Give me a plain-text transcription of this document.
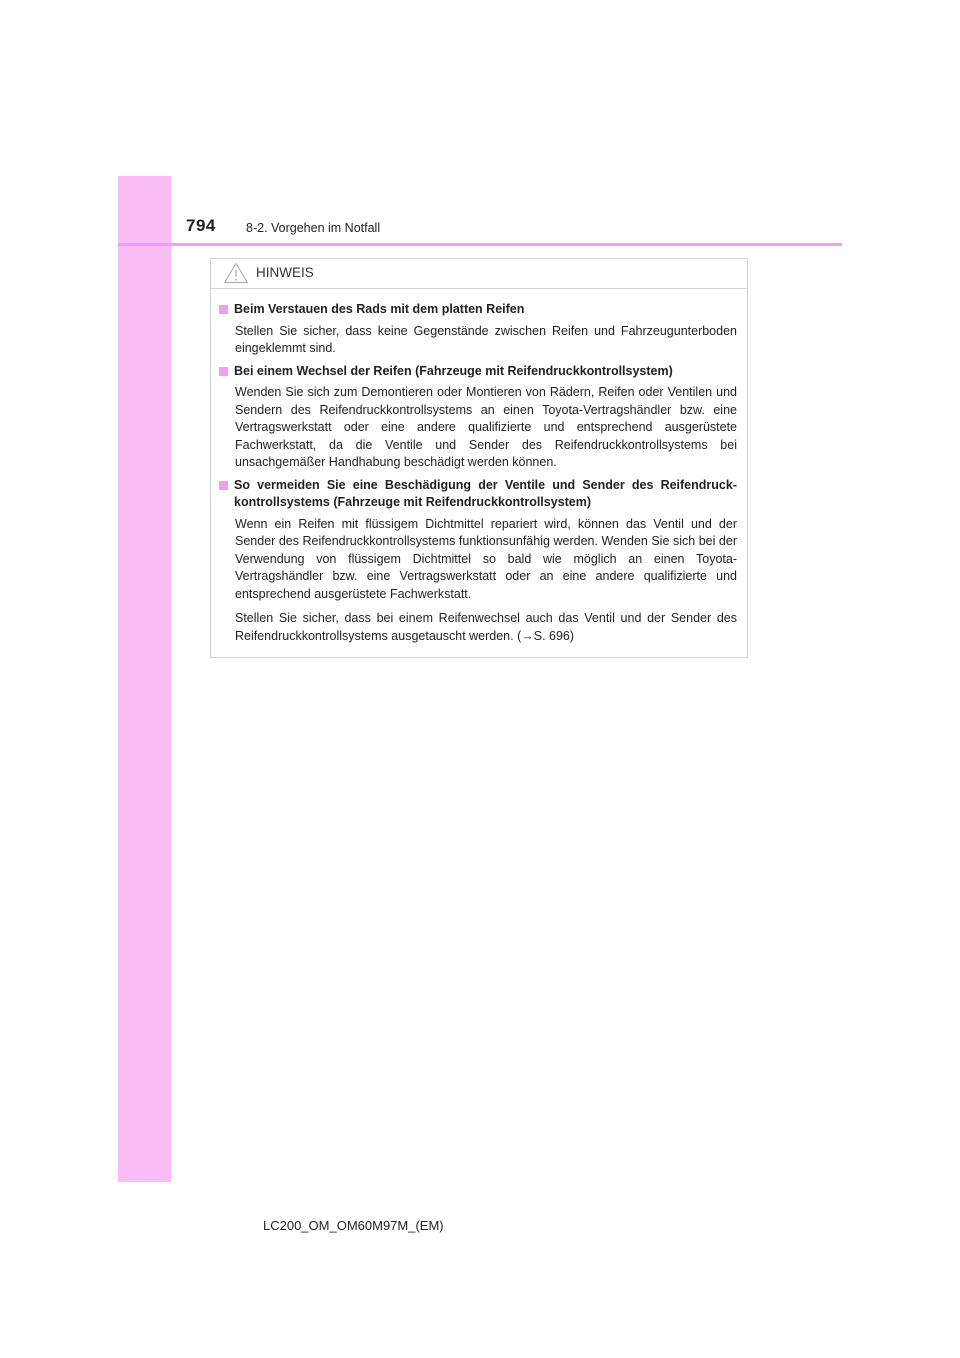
794 8-2. Vorgehen im Notfall
HINWEIS
Beim Verstauen des Rads mit dem platten Reifen
Stellen Sie sicher, dass keine Gegenstände zwischen Reifen und Fahrzeugunterboden eingeklemmt sind.
Bei einem Wechsel der Reifen (Fahrzeuge mit Reifendruckkontrollsystem)
Wenden Sie sich zum Demontieren oder Montieren von Rädern, Reifen oder Ventilen und Sendern des Reifendruckkontrollsystems an einen Toyota-Vertragshändler bzw. eine Vertragswerkstatt oder eine andere qualifizierte und entsprechend ausgerüstete Fachwerkstatt, da die Ventile und Sender des Reifendruckkontrollsystems bei unsachgemäßer Handhabung beschädigt werden können.
So vermeiden Sie eine Beschädigung der Ventile und Sender des Reifendruckkontrollsystems (Fahrzeuge mit Reifendruckkontrollsystem)
Wenn ein Reifen mit flüssigem Dichtmittel repariert wird, können das Ventil und der Sender des Reifendruckkontrollsystems funktionsunfähig werden. Wenden Sie sich bei der Verwendung von flüssigem Dichtmittel so bald wie möglich an einen Toyota-Vertragshändler bzw. eine Vertragswerkstatt oder an eine andere qualifizierte und entsprechend ausgerüstete Fachwerkstatt.
Stellen Sie sicher, dass bei einem Reifenwechsel auch das Ventil und der Sender des Reifendruckkontrollsystems ausgetauscht werden. (→S. 696)
LC200_OM_OM60M97M_(EM)
